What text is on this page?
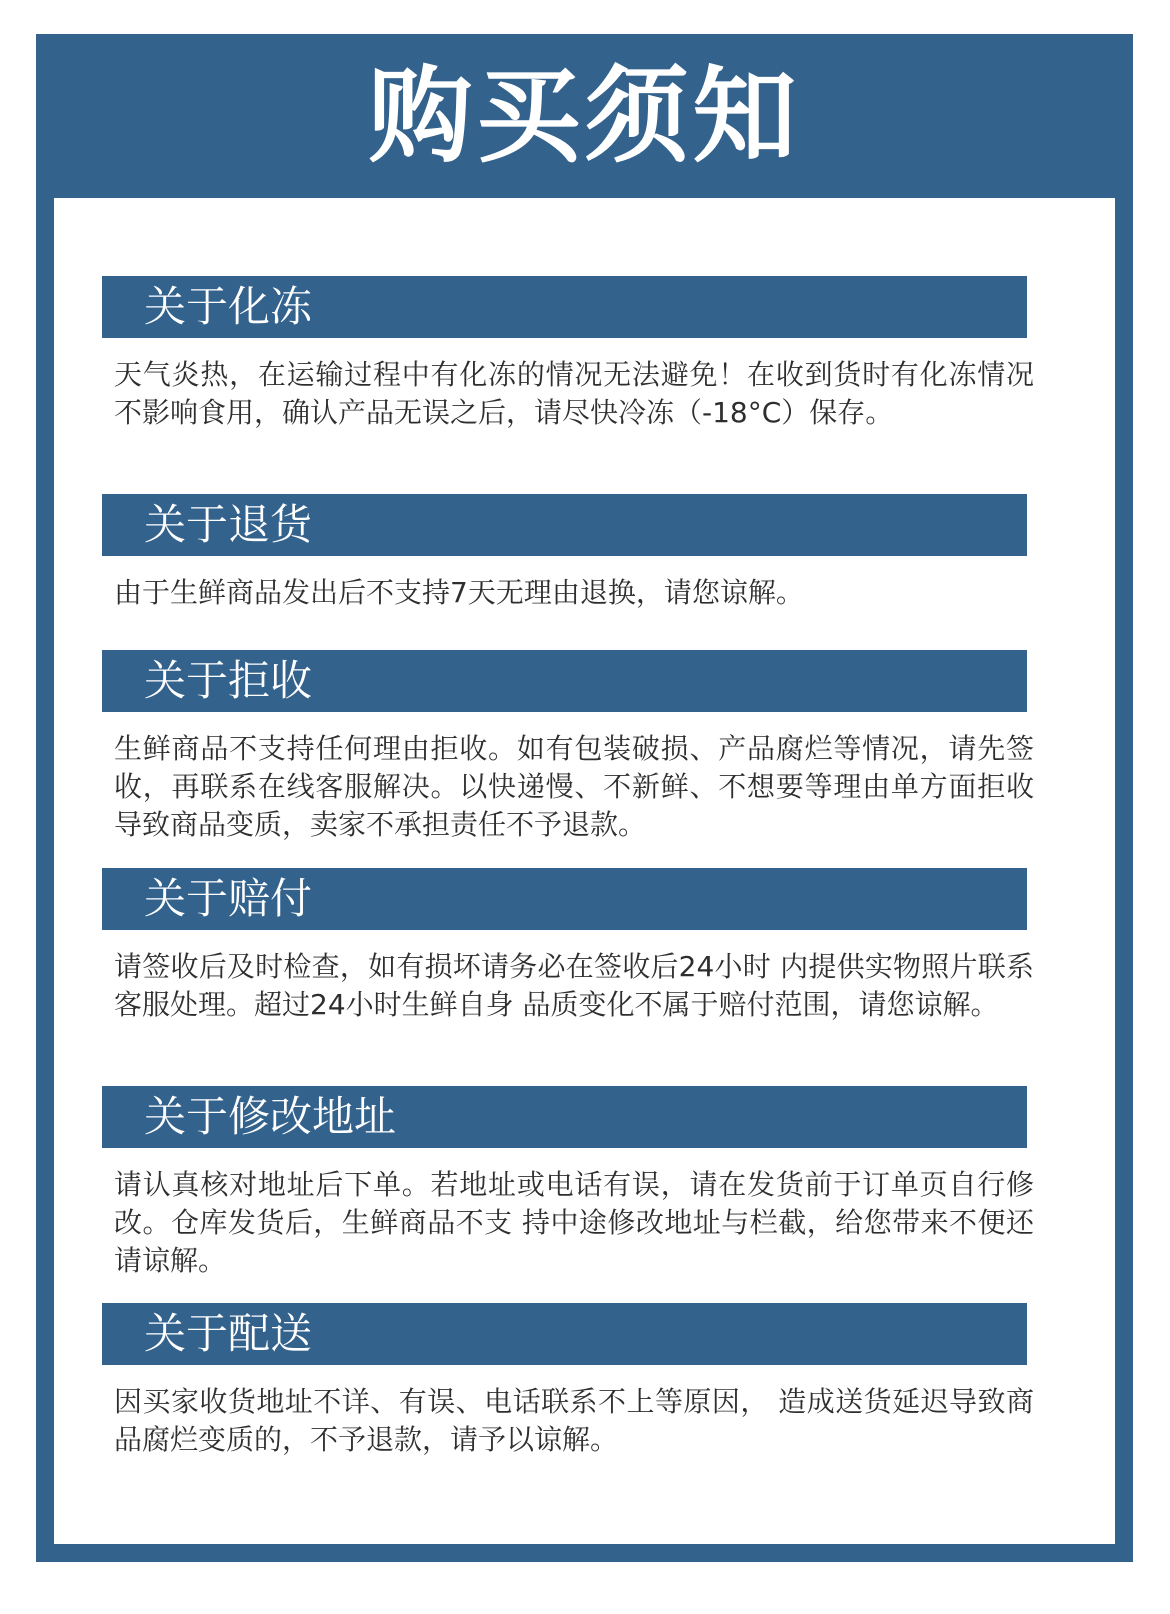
购买须知
关于化冻
天气炎热，在运输过程中有化冻的情况无法避免！在收到货时有化冻情况不影响食用，确认产品无误之后，请尽快冷冻（-18°C）保存。
关于退货
由于生鲜商品发出后不支持7天无理由退换，请您谅解。
关于拒收
生鲜商品不支持任何理由拒收。如有包装破损、产品腐烂等情况，请先签收，再联系在线客服解决。以快递慢、不新鲜、不想要等理由单方面拒收导致商品变质，卖家不承担责任不予退款。
关于赔付
请签收后及时检查，如有损坏请务必在签收后24小时 内提供实物照片联系客服处理。超过24小时生鲜自身 品质变化不属于赔付范围，请您谅解。
关于修改地址
请认真核对地址后下单。若地址或电话有误，请在发货前于订单页自行修改。仓库发货后，生鲜商品不支 持中途修改地址与栏截，给您带来不便还请谅解。
关于配送
因买家收货地址不详、有误、电话联系不上等原因， 造成送货延迟导致商品腐烂变质的，不予退款，请予以谅解。
